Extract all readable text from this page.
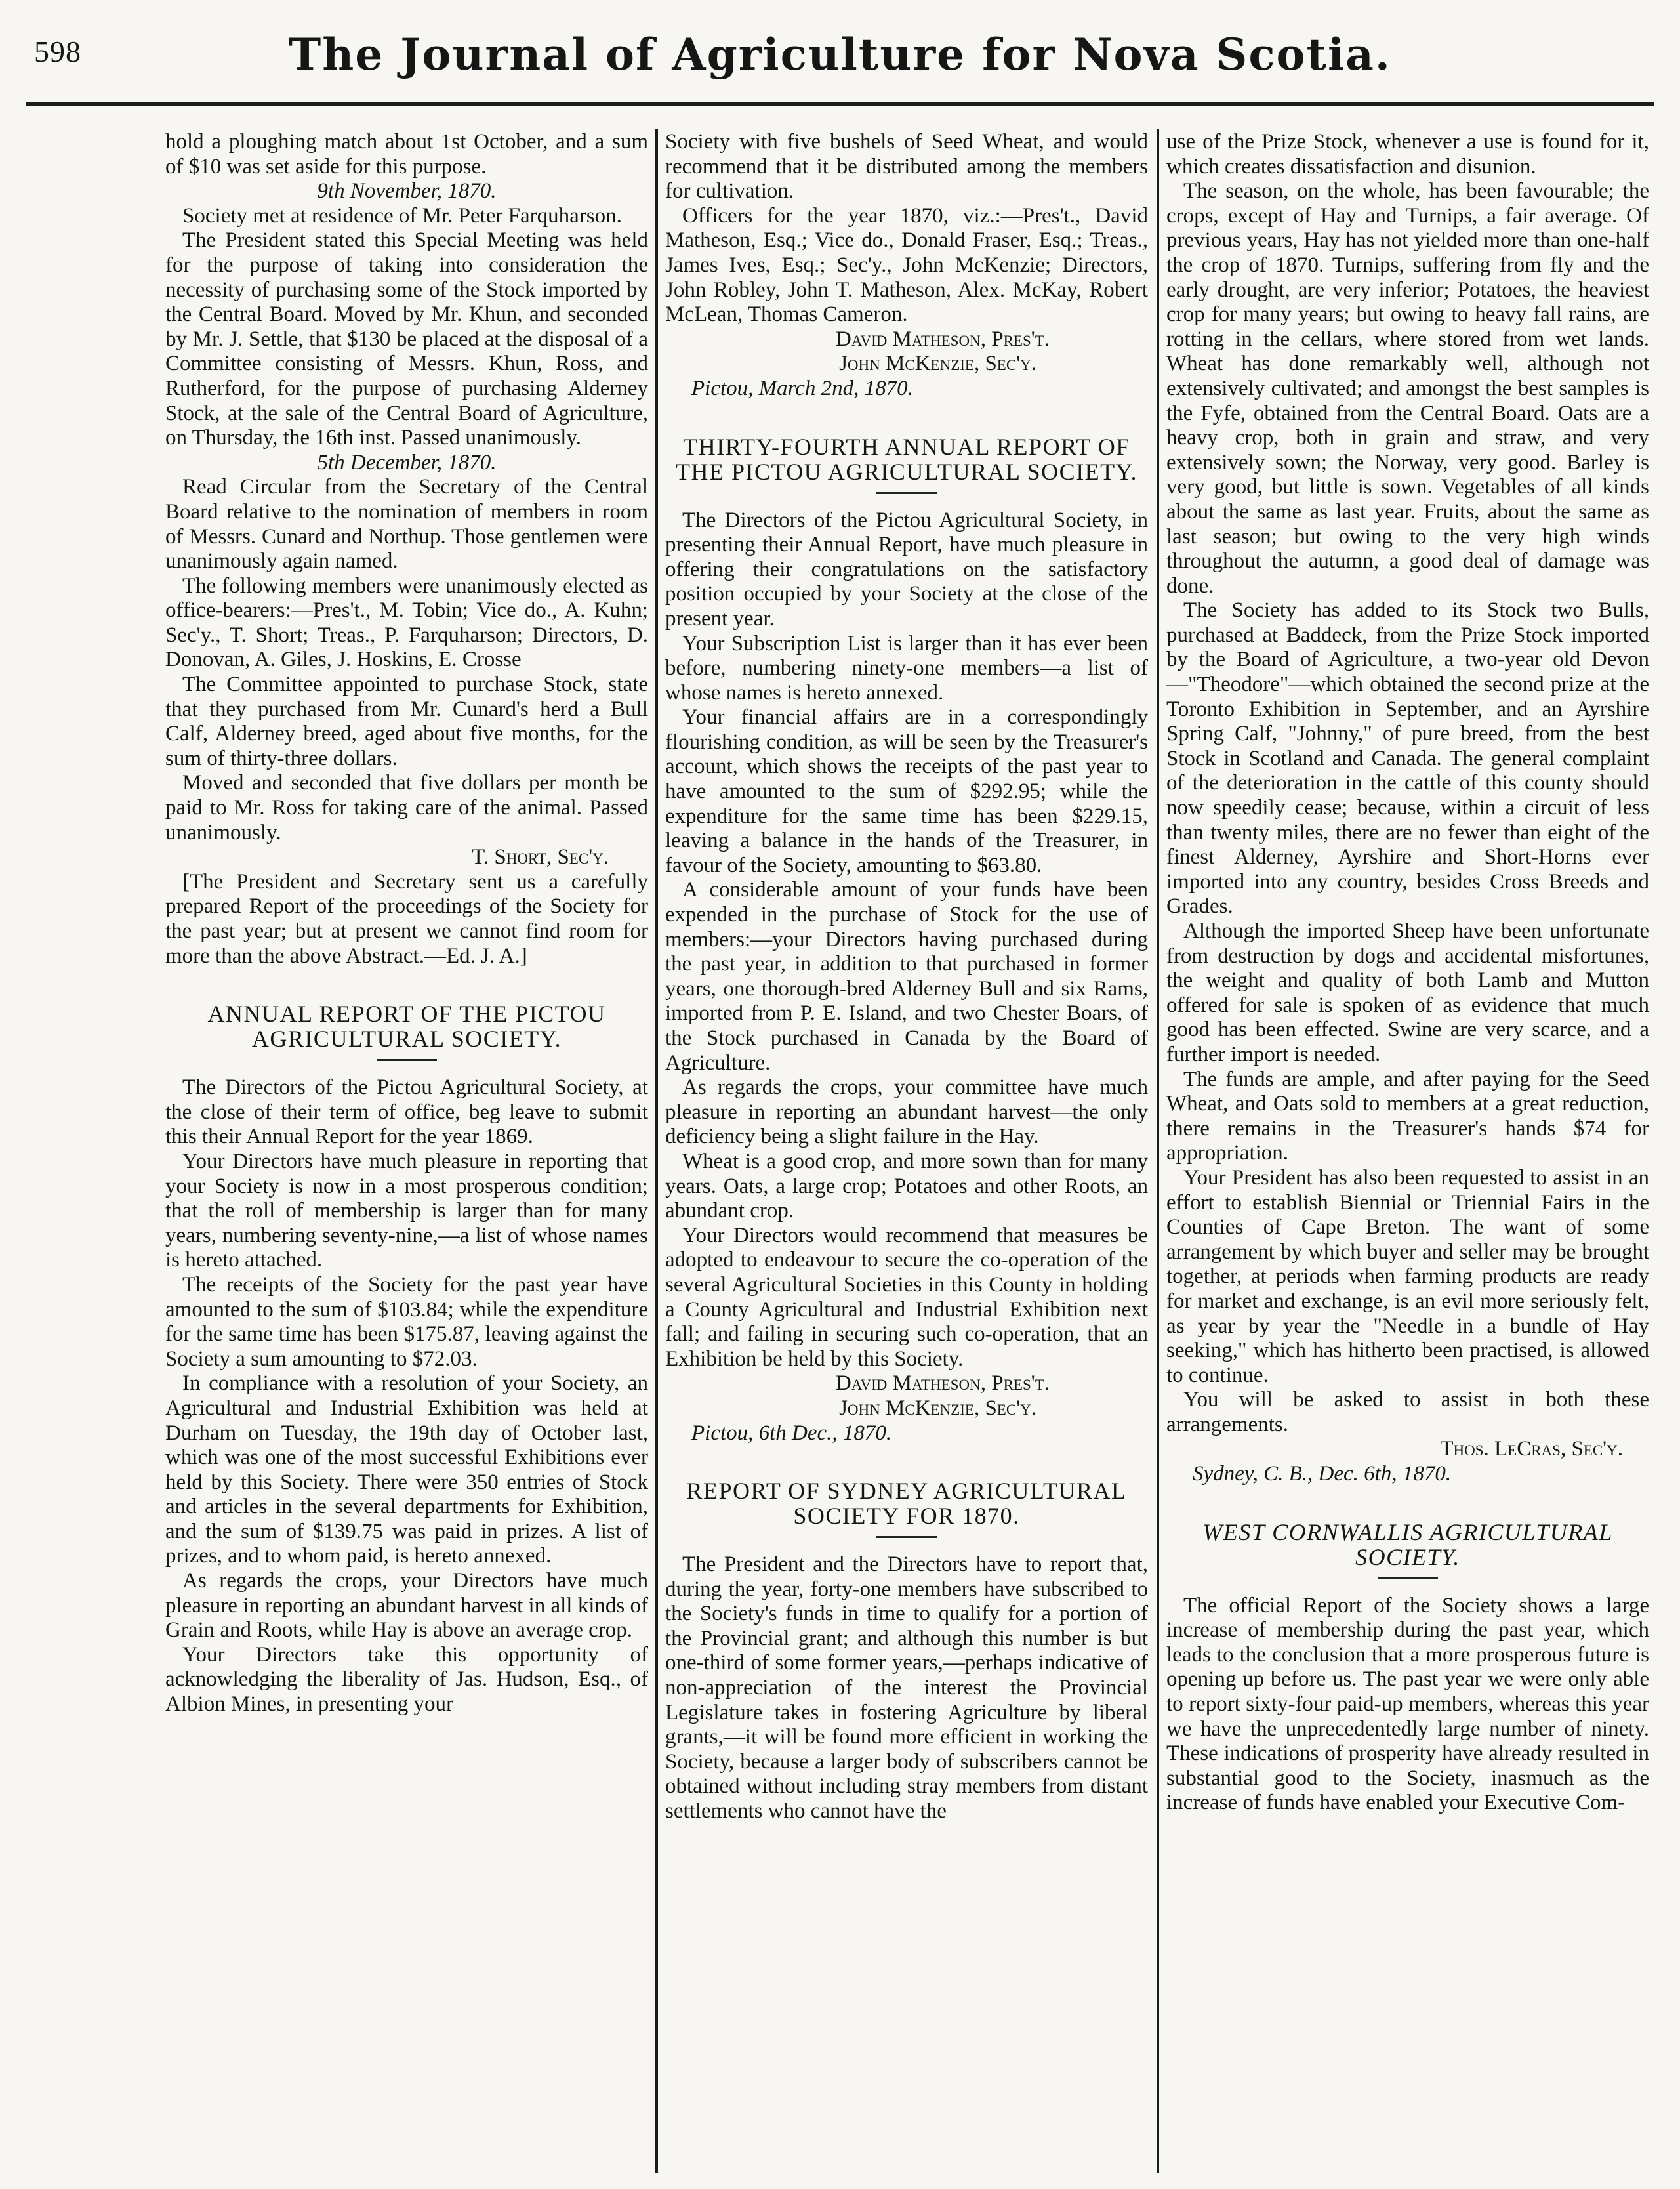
598	The Journal of Agriculture for Nova Scotia.

hold a ploughing match about 1st October, and a sum of $10 was set aside for this purpose.

9th November, 1870.

Society met at residence of Mr. Peter Farquharson.

The President stated this Special Meeting was held for the purpose of taking into consideration the necessity of purchasing some of the Stock imported by the Central Board. Moved by Mr. Khun, and seconded by Mr. J. Settle, that $130 be placed at the disposal of a Committee consisting of Messrs. Khun, Ross, and Rutherford, for the purpose of purchasing Alderney Stock, at the sale of the Central Board of Agriculture, on Thursday, the 16th inst. Passed unanimously.

5th December, 1870.

Read Circular from the Secretary of the Central Board relative to the nomination of members in room of Messrs. Cunard and Northup. Those gentlemen were unanimously again named.

The following members were unanimously elected as office-bearers:—Pres't., M. Tobin; Vice do., A. Kuhn; Sec'y., T. Short; Treas., P. Farquharson; Directors, D. Donovan, A. Giles, J. Hoskins, E. Crosse

The Committee appointed to purchase Stock, state that they purchased from Mr. Cunard's herd a Bull Calf, Alderney breed, aged about five months, for the sum of thirty-three dollars.

Moved and seconded that five dollars per month be paid to Mr. Ross for taking care of the animal. Passed unanimously.

T. Short, Sec'y.

[The President and Secretary sent us a carefully prepared Report of the proceedings of the Society for the past year; but at present we cannot find room for more than the above Abstract.—Ed. J. A.]

ANNUAL REPORT OF THE PICTOU AGRICULTURAL SOCIETY.

The Directors of the Pictou Agricultural Society, at the close of their term of office, beg leave to submit this their Annual Report for the year 1869.

Your Directors have much pleasure in reporting that your Society is now in a most prosperous condition; that the roll of membership is larger than for many years, numbering seventy-nine,—a list of whose names is hereto attached.

The receipts of the Society for the past year have amounted to the sum of $103.84; while the expenditure for the same time has been $175.87, leaving against the Society a sum amounting to $72.03.

In compliance with a resolution of your Society, an Agricultural and Industrial Exhibition was held at Durham on Tuesday, the 19th day of October last, which was one of the most successful Exhibitions ever held by this Society. There were 350 entries of Stock and articles in the several departments for Exhibition, and the sum of $139.75 was paid in prizes. A list of prizes, and to whom paid, is hereto annexed.

As regards the crops, your Directors have much pleasure in reporting an abundant harvest in all kinds of Grain and Roots, while Hay is above an average crop.

Your Directors take this opportunity of acknowledging the liberality of Jas. Hudson, Esq., of Albion Mines, in presenting your

Society with five bushels of Seed Wheat, and would recommend that it be distributed among the members for cultivation.

Officers for the year 1870, viz.:—Pres't., David Matheson, Esq.; Vice do., Donald Fraser, Esq.; Treas., James Ives, Esq.; Sec'y., John McKenzie; Directors, John Robley, John T. Matheson, Alex. McKay, Robert McLean, Thomas Cameron.

David Matheson, Pres't.

John McKenzie, Sec'y.

Pictou, March 2nd, 1870.

THIRTY-FOURTH ANNUAL REPORT OF THE PICTOU AGRICULTURAL SOCIETY.

The Directors of the Pictou Agricultural Society, in presenting their Annual Report, have much pleasure in offering their congratulations on the satisfactory position occupied by your Society at the close of the present year.

Your Subscription List is larger than it has ever been before, numbering ninety-one members—a list of whose names is hereto annexed.

Your financial affairs are in a correspondingly flourishing condition, as will be seen by the Treasurer's account, which shows the receipts of the past year to have amounted to the sum of $292.95; while the expenditure for the same time has been $229.15, leaving a balance in the hands of the Treasurer, in favour of the Society, amounting to $63.80.

A considerable amount of your funds have been expended in the purchase of Stock for the use of members:—your Directors having purchased during the past year, in addition to that purchased in former years, one thorough-bred Alderney Bull and six Rams, imported from P. E. Island, and two Chester Boars, of the Stock purchased in Canada by the Board of Agriculture.

As regards the crops, your committee have much pleasure in reporting an abundant harvest—the only deficiency being a slight failure in the Hay.

Wheat is a good crop, and more sown than for many years. Oats, a large crop; Potatoes and other Roots, an abundant crop.

Your Directors would recommend that measures be adopted to endeavour to secure the co-operation of the several Agricultural Societies in this County in holding a County Agricultural and Industrial Exhibition next fall; and failing in securing such co-operation, that an Exhibition be held by this Society.

David Matheson, Pres't.

John McKenzie, Sec'y.

Pictou, 6th Dec., 1870.

REPORT OF SYDNEY AGRICULTURAL SOCIETY FOR 1870.

The President and the Directors have to report that, during the year, forty-one members have subscribed to the Society's funds in time to qualify for a portion of the Provincial grant; and although this number is but one-third of some former years,—perhaps indicative of non-appreciation of the interest the Provincial Legislature takes in fostering Agriculture by liberal grants,—it will be found more efficient in working the Society, because a larger body of subscribers cannot be obtained without including stray members from distant settlements who cannot have the

use of the Prize Stock, whenever a use is found for it, which creates dissatisfaction and disunion.

The season, on the whole, has been favourable; the crops, except of Hay and Turnips, a fair average. Of previous years, Hay has not yielded more than one-half the crop of 1870. Turnips, suffering from fly and the early drought, are very inferior; Potatoes, the heaviest crop for many years; but owing to heavy fall rains, are rotting in the cellars, where stored from wet lands. Wheat has done remarkably well, although not extensively cultivated; and amongst the best samples is the Fyfe, obtained from the Central Board. Oats are a heavy crop, both in grain and straw, and very extensively sown; the Norway, very good. Barley is very good, but little is sown. Vegetables of all kinds about the same as last year. Fruits, about the same as last season; but owing to the very high winds throughout the autumn, a good deal of damage was done.

The Society has added to its Stock two Bulls, purchased at Baddeck, from the Prize Stock imported by the Board of Agriculture, a two-year old Devon—"Theodore"—which obtained the second prize at the Toronto Exhibition in September, and an Ayrshire Spring Calf, "Johnny," of pure breed, from the best Stock in Scotland and Canada. The general complaint of the deterioration in the cattle of this county should now speedily cease; because, within a circuit of less than twenty miles, there are no fewer than eight of the finest Alderney, Ayrshire and Short-Horns ever imported into any country, besides Cross Breeds and Grades.

Although the imported Sheep have been unfortunate from destruction by dogs and accidental misfortunes, the weight and quality of both Lamb and Mutton offered for sale is spoken of as evidence that much good has been effected. Swine are very scarce, and a further import is needed.

The funds are ample, and after paying for the Seed Wheat, and Oats sold to members at a great reduction, there remains in the Treasurer's hands $74 for appropriation.

Your President has also been requested to assist in an effort to establish Biennial or Triennial Fairs in the Counties of Cape Breton. The want of some arrangement by which buyer and seller may be brought together, at periods when farming products are ready for market and exchange, is an evil more seriously felt, as year by year the "Needle in a bundle of Hay seeking," which has hitherto been practised, is allowed to continue.

You will be asked to assist in both these arrangements.

Thos. LeCras, Sec'y.

Sydney, C. B., Dec. 6th, 1870.

WEST CORNWALLIS AGRICULTURAL SOCIETY.

The official Report of the Society shows a large increase of membership during the past year, which leads to the conclusion that a more prosperous future is opening up before us. The past year we were only able to report sixty-four paid-up members, whereas this year we have the unprecedentedly large number of ninety. These indications of prosperity have already resulted in substantial good to the Society, inasmuch as the increase of funds have enabled your Executive Com-
